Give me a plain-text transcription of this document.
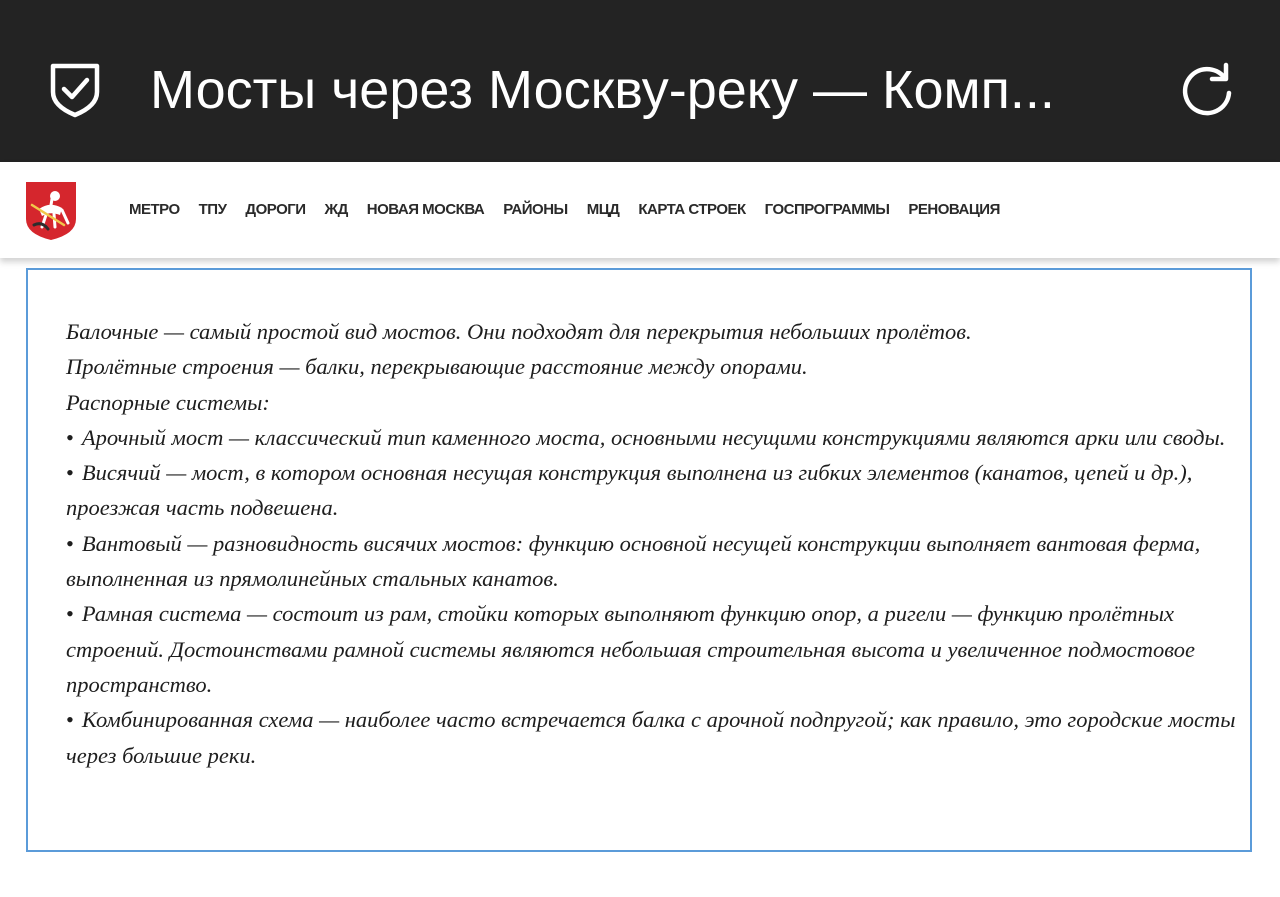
Мосты через Москву-реку — Комп...
МЕТРО ТПУ ДОРОГИ ЖД НОВАЯ МОСКВА РАЙОНЫ МЦД КАРТА СТРОЕК ГОСПРОГРАММЫ РЕНОВАЦИЯ

Балочные — самый простой вид мостов. Они подходят для перекрытия небольших пролётов.

Пролётные строения — балки, перекрывающие расстояние между опорами.

Распорные системы:

• Арочный мост — классический тип каменного моста, основными несущими конструкциями являются арки или своды.

• Висячий — мост, в котором основная несущая конструкция выполнена из гибких элементов (канатов, цепей и др.), проезжая часть подвешена.

• Вантовый — разновидность висячих мостов: функцию основной несущей конструкции выполняет вантовая ферма, выполненная из прямолинейных стальных канатов.

• Рамная система — состоит из рам, стойки которых выполняют функцию опор, а ригели — функцию пролётных строений. Достоинствами рамной системы являются небольшая строительная высота и увеличенное подмостовое пространство.

• Комбинированная схема — наиболее часто встречается балка с арочной подпругой; как правило, это городские мосты через большие реки.
